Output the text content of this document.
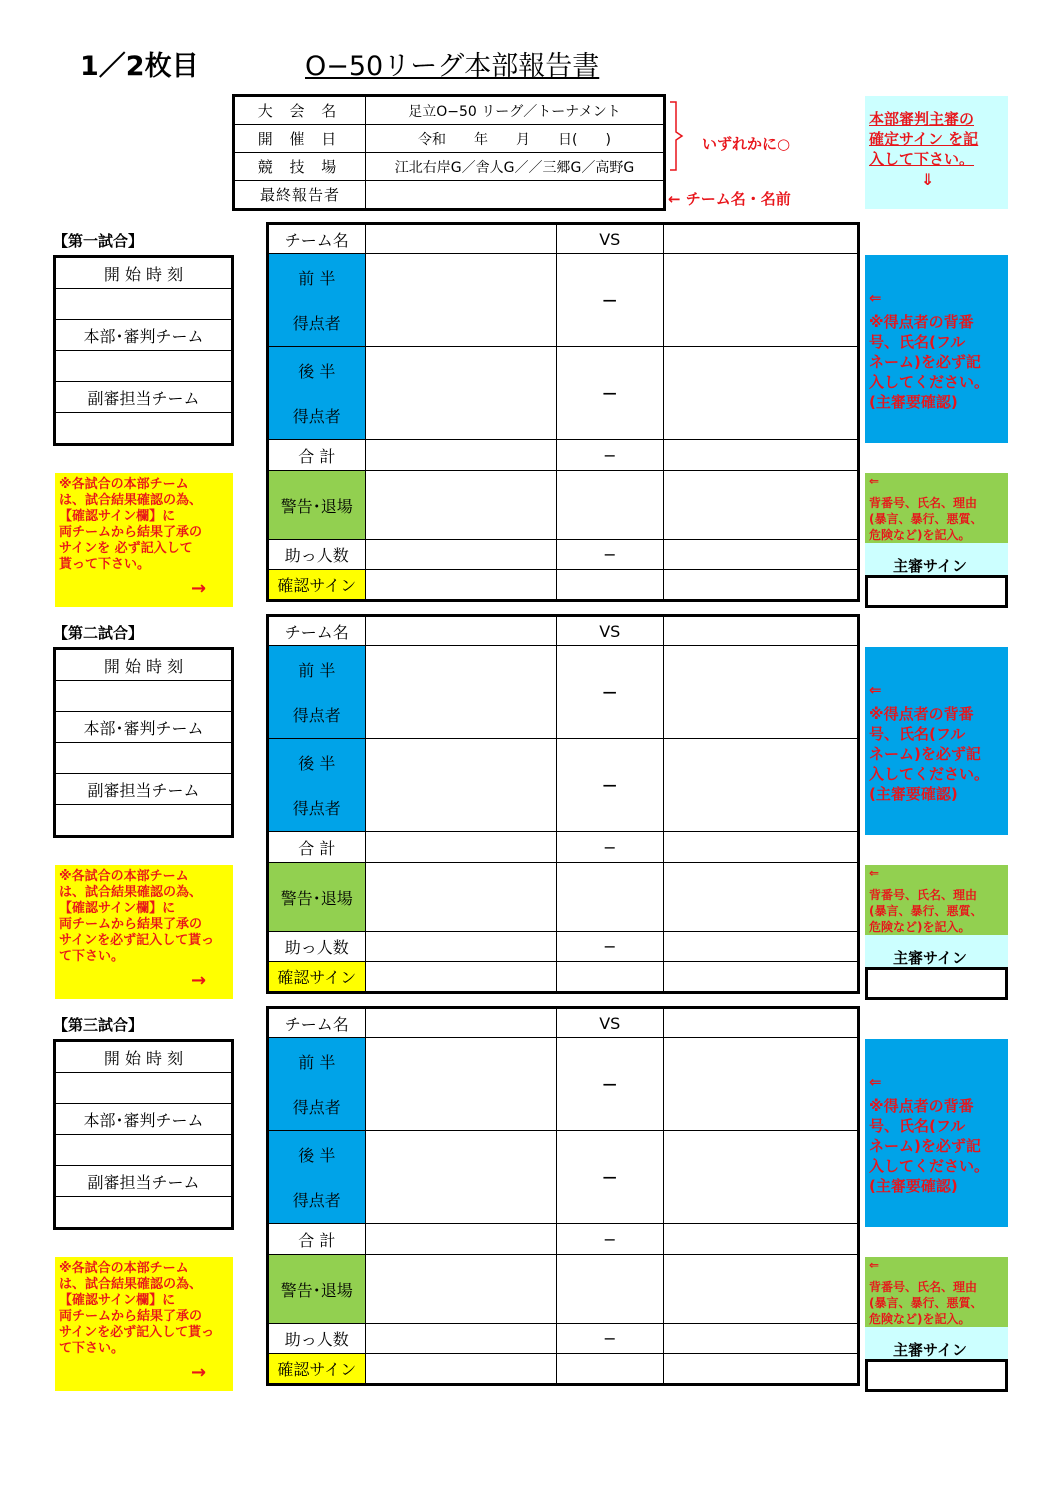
1／2枚目	O−50リーグ本部報告書
大 会 名	足立O−50 リーグ／トーナメント
開 催 日	令和　　年　　月　　日(　　)
競 技 場	江北右岸G／舎人G／／三郷G／高野G
最終報告者	
いずれかに○
← チーム名・名前
本部審判主審の
確定サイン を記
入して下さい。
⇓
【第一試合】
開 始 時 刻

本部･審判チーム

副審担当チーム

チーム名		VS	

前 半
得点者		−	

後 半
得点者		−	
合 計		−	
警告･退場			
助っ人数		−	
確認サイン			
※各試合の本部チーム
は、試合結果確認の為、
【確認サイン欄】に
両チームから結果了承の
サインを 必ず記入して
貰って下さい。
→
⇐
※得点者の背番
号、氏名(フル
ネーム)を必ず記
入してください。
(主審要確認)
⇐
背番号、氏名、理由
(暴言、暴行、悪質、
危険など)を記入。
主審サイン
【第二試合】
開 始 時 刻

本部･審判チーム

副審担当チーム

チーム名		VS	

前 半
得点者		−	

後 半
得点者		−	
合 計		−	
警告･退場			
助っ人数		−	
確認サイン			
※各試合の本部チーム
は、試合結果確認の為、
【確認サイン欄】に
両チームから結果了承の
サインを必ず記入して貰っ
て下さい。
→
⇐
※得点者の背番
号、氏名(フル
ネーム)を必ず記
入してください。
(主審要確認)
⇐
背番号、氏名、理由
(暴言、暴行、悪質、
危険など)を記入。
主審サイン
【第三試合】
開 始 時 刻

本部･審判チーム

副審担当チーム

チーム名		VS	

前 半
得点者		−	

後 半
得点者		−	
合 計		−	
警告･退場			
助っ人数		−	
確認サイン			
※各試合の本部チーム
は、試合結果確認の為、
【確認サイン欄】に
両チームから結果了承の
サインを必ず記入して貰っ
て下さい。
→
⇐
※得点者の背番
号、氏名(フル
ネーム)を必ず記
入してください。
(主審要確認)
⇐
背番号、氏名、理由
(暴言、暴行、悪質、
危険など)を記入。
主審サイン
